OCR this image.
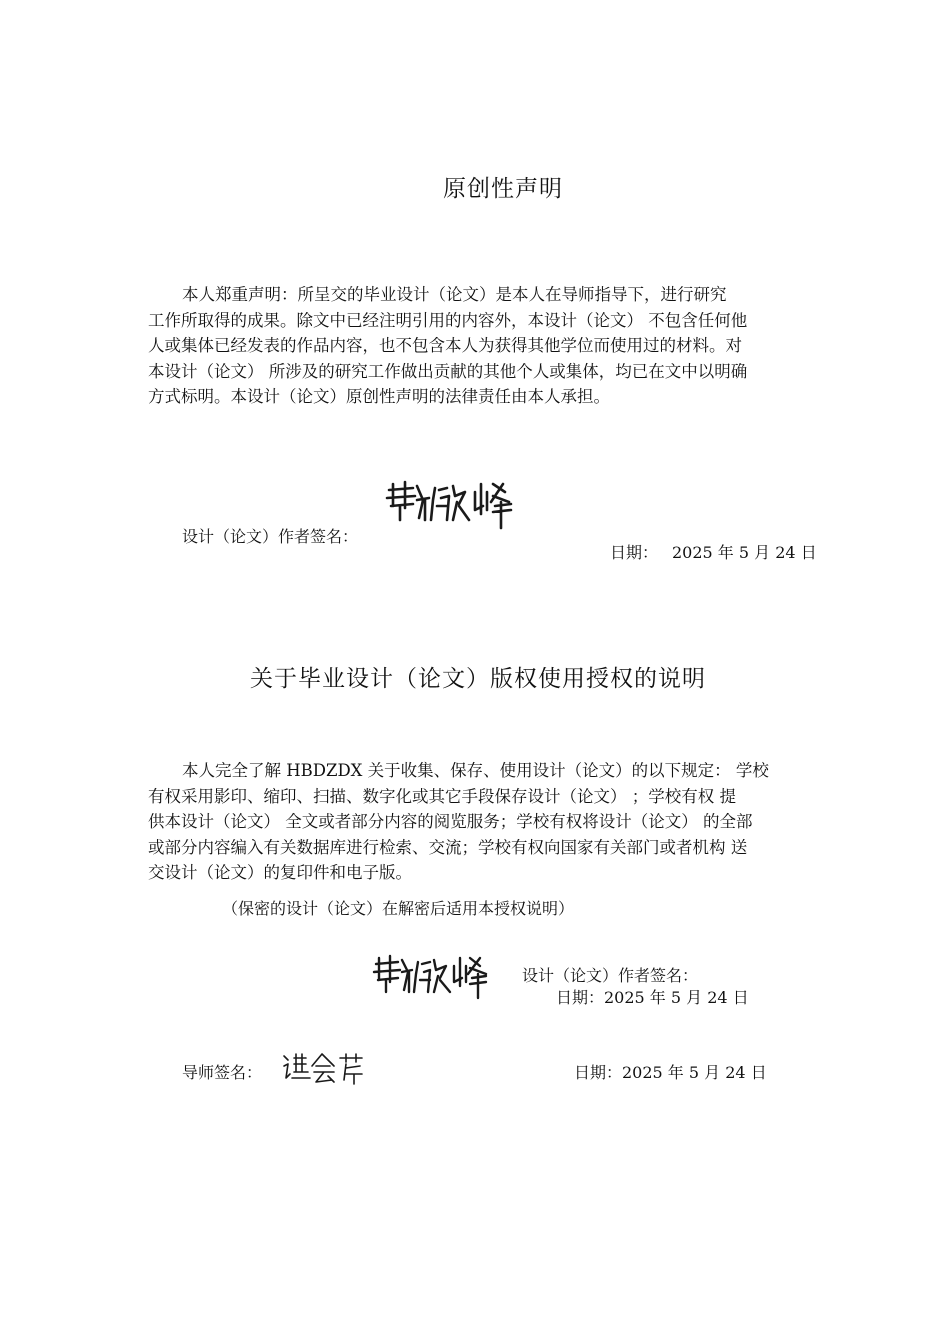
原创性声明
本人郑重声明：所呈交的毕业设计（论文）是本人在导师指导下，进行研究
工作所取得的成果。除文中已经注明引用的内容外，本设计（论文） 不包含任何他
人或集体已经发表的作品内容，也不包含本人为获得其他学位而使用过的材料。对
本设计（论文） 所涉及的研究工作做出贡献的其他个人或集体，均已在文中以明确
方式标明。本设计（论文）原创性声明的法律责任由本人承担。
设计（论文）作者签名：
日期： 2025 年 5 月 24 日
关于毕业设计（论文）版权使用授权的说明
本人完全了解 HBDZDX 关于收集、保存、使用设计（论文）的以下规定： 学校
有权采用影印、缩印、扫描、数字化或其它手段保存设计（论文） ；学校有权 提
供本设计（论文） 全文或者部分内容的阅览服务；学校有权将设计（论文） 的全部
或部分内容编入有关数据库进行检索、交流；学校有权向国家有关部门或者机构 送
交设计（论文）的复印件和电子版。
（保密的设计（论文）在解密后适用本授权说明）
设计（论文）作者签名：
日期：2025 年 5 月 24 日
导师签名：	日期：2025 年 5 月 24 日
